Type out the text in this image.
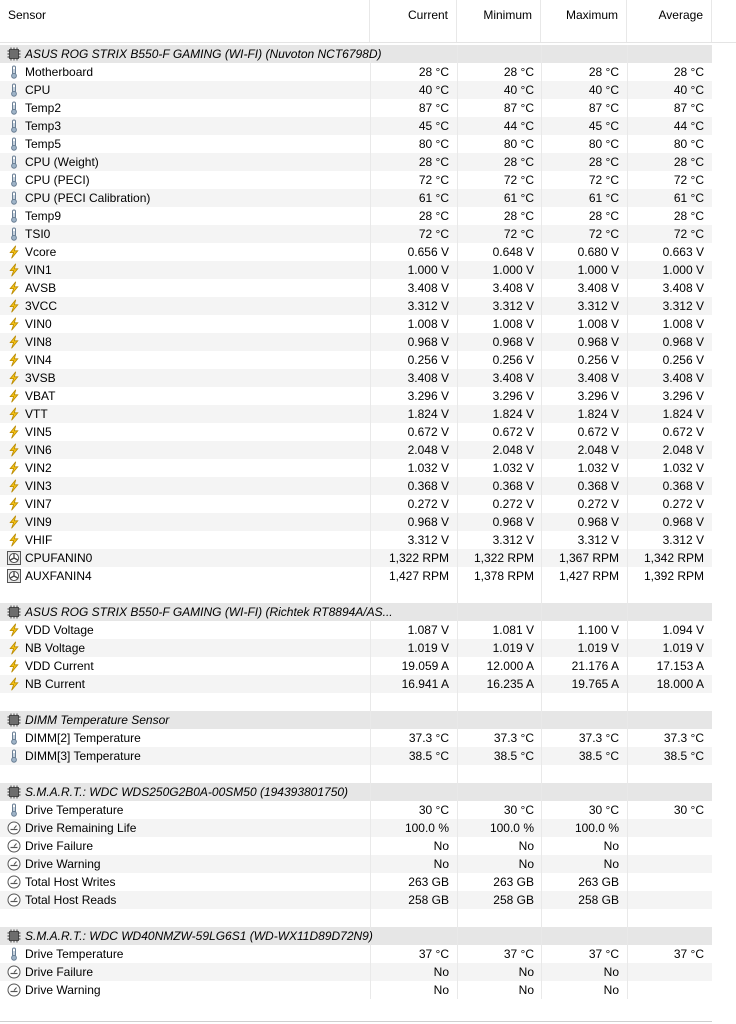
Sensor	Current	Minimum	Maximum	Average
ASUS ROG STRIX B550-F GAMING (WI-FI) (Nuvoton NCT6798D)
Motherboard	28 °C	28 °C	28 °C	28 °C
CPU	40 °C	40 °C	40 °C	40 °C
Temp2	87 °C	87 °C	87 °C	87 °C
Temp3	45 °C	44 °C	45 °C	44 °C
Temp5	80 °C	80 °C	80 °C	80 °C
CPU (Weight)	28 °C	28 °C	28 °C	28 °C
CPU (PECI)	72 °C	72 °C	72 °C	72 °C
CPU (PECI Calibration)	61 °C	61 °C	61 °C	61 °C
Temp9	28 °C	28 °C	28 °C	28 °C
TSI0	72 °C	72 °C	72 °C	72 °C
Vcore	0.656 V	0.648 V	0.680 V	0.663 V
VIN1	1.000 V	1.000 V	1.000 V	1.000 V
AVSB	3.408 V	3.408 V	3.408 V	3.408 V
3VCC	3.312 V	3.312 V	3.312 V	3.312 V
VIN0	1.008 V	1.008 V	1.008 V	1.008 V
VIN8	0.968 V	0.968 V	0.968 V	0.968 V
VIN4	0.256 V	0.256 V	0.256 V	0.256 V
3VSB	3.408 V	3.408 V	3.408 V	3.408 V
VBAT	3.296 V	3.296 V	3.296 V	3.296 V
VTT	1.824 V	1.824 V	1.824 V	1.824 V
VIN5	0.672 V	0.672 V	0.672 V	0.672 V
VIN6	2.048 V	2.048 V	2.048 V	2.048 V
VIN2	1.032 V	1.032 V	1.032 V	1.032 V
VIN3	0.368 V	0.368 V	0.368 V	0.368 V
VIN7	0.272 V	0.272 V	0.272 V	0.272 V
VIN9	0.968 V	0.968 V	0.968 V	0.968 V
VHIF	3.312 V	3.312 V	3.312 V	3.312 V
CPUFANIN0	1,322 RPM	1,322 RPM	1,367 RPM	1,342 RPM
AUXFANIN4	1,427 RPM	1,378 RPM	1,427 RPM	1,392 RPM
ASUS ROG STRIX B550-F GAMING (WI-FI) (Richtek RT8894A/AS...
VDD Voltage	1.087 V	1.081 V	1.100 V	1.094 V
NB Voltage	1.019 V	1.019 V	1.019 V	1.019 V
VDD Current	19.059 A	12.000 A	21.176 A	17.153 A
NB Current	16.941 A	16.235 A	19.765 A	18.000 A
DIMM Temperature Sensor
DIMM[2] Temperature	37.3 °C	37.3 °C	37.3 °C	37.3 °C
DIMM[3] Temperature	38.5 °C	38.5 °C	38.5 °C	38.5 °C
S.M.A.R.T.: WDC WDS250G2B0A-00SM50 (194393801750)
Drive Temperature	30 °C	30 °C	30 °C	30 °C
Drive Remaining Life	100.0 %	100.0 %	100.0 %
Drive Failure	No	No	No
Drive Warning	No	No	No
Total Host Writes	263 GB	263 GB	263 GB
Total Host Reads	258 GB	258 GB	258 GB
S.M.A.R.T.: WDC WD40NMZW-59LG6S1 (WD-WX11D89D72N9)
Drive Temperature	37 °C	37 °C	37 °C	37 °C
Drive Failure	No	No	No
Drive Warning	No	No	No
